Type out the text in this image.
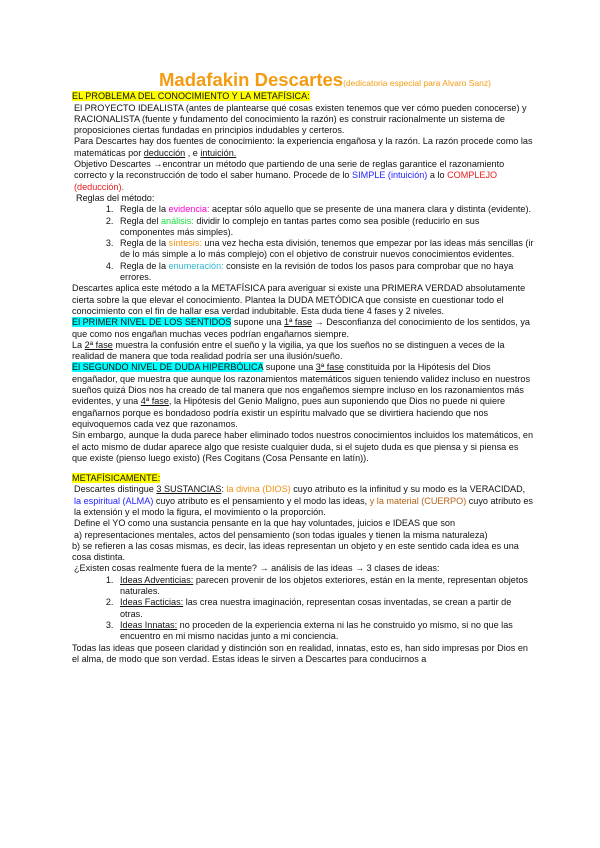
Madafakin Descartes(dedicatoria especial para Alvaro Sanz)
EL PROBLEMA DEL CONOCIMIENTO Y LA METAFÍSICA:

El PROYECTO IDEALISTA (antes de plantearse qué cosas existen tenemos que ver cómo pueden conocerse) y RACIONALISTA (fuente y fundamento del conocimiento la razón) es construir racionalmente un sistema de proposiciones ciertas fundadas en principios indudables y certeros.

Para Descartes hay dos fuentes de conocimiento: la experiencia engañosa y la razón. La razón procede como las matemáticas por deducción , e intuición.

Objetivo Descartes →encontrar un método que partiendo de una serie de reglas garantice el razonamiento correcto y la reconstrucción de todo el saber humano. Procede de lo SIMPLE (intuición) a lo COMPLEJO (deducción).

Reglas del método:

1. Regla de la evidencia: aceptar sólo aquello que se presente de una manera clara y distinta (evidente).
2. Regla del análisis: dividir lo complejo en tantas partes como sea posible (reducirlo en sus componentes más simples).
3. Regla de la síntesis: una vez hecha esta división, tenemos que empezar por las ideas más sencillas (ir de lo más simple a lo más complejo) con el objetivo de construir nuevos conocimientos evidentes.
4. Regla de la enumeración: consiste en la revisión de todos los pasos para comprobar que no haya errores.

Descartes aplica este método a la METAFÍSICA para averiguar si existe una PRIMERA VERDAD absolutamente cierta sobre la que elevar el conocimiento. Plantea la DUDA METÓDICA que consiste en cuestionar todo el conocimiento con el fin de hallar esa verdad indubitable. Esta duda tiene 4 fases y 2 niveles.

El PRIMER NIVEL DE LOS SENTIDOS supone una 1ª fase → Desconfianza del conocimiento de los sentidos, ya que como nos engañan muchas veces podrían engañarnos siempre.

La 2ª fase muestra la confusión entre el sueño y la vigilia, ya que los sueños no se distinguen a veces de la realidad de manera que toda realidad podría ser una ilusión/sueño.

El SEGUNDO NIVEL DE DUDA HIPERBÓLICA supone una 3ª fase constituida por la Hipótesis del Dios engañador, que muestra que aunque los razonamientos matemáticos siguen teniendo validez incluso en nuestros sueños quizá Dios nos ha creado de tal manera que nos engañemos siempre incluso en los razonamientos más evidentes, y una 4ª fase, la Hipótesis del Genio Maligno, pues aun suponiendo que Dios no puede ni quiere engañarnos porque es bondadoso podría existir un espíritu malvado que se divirtiera haciendo que nos equivoquemos cada vez que razonamos.

Sin embargo, aunque la duda parece haber eliminado todos nuestros conocimientos incluidos los matemáticos, en el acto mismo de dudar aparece algo que resiste cualquier duda, si el sujeto duda es que piensa y si piensa es que existe (pienso luego existo) (Res Cogitans (Cosa Pensante en latín)).

METAFÍSICAMENTE:

Descartes distingue 3 SUSTANCIAS: la divina (DIOS) cuyo atributo es la infinitud y su modo es la VERACIDAD, la espiritual (ALMA) cuyo atributo es el pensamiento y el modo las ideas, y la material (CUERPO) cuyo atributo es la extensión y el modo la figura, el movimiento o la proporción.

Define el YO como una sustancia pensante en la que hay voluntades, juicios e IDEAS que son

a) representaciones mentales, actos del pensamiento (son todas iguales y tienen la misma naturaleza)

b) se refieren a las cosas mismas, es decir, las ideas representan un objeto y en este sentido cada idea es una cosa distinta.

¿Existen cosas realmente fuera de la mente? → análisis de las ideas → 3 clases de ideas:

1. Ideas Adventicias: parecen provenir de los objetos exteriores, están en la mente, representan objetos naturales.
2. Ideas Facticias: las crea nuestra imaginación, representan cosas inventadas, se crean a partir de otras.
3. Ideas Innatas: no proceden de la experiencia externa ni las he construido yo mismo, si no que las encuentro en mi mismo nacidas junto a mi conciencia.

Todas las ideas que poseen claridad y distinción son en realidad, innatas, esto es, han sido impresas por Dios en el alma, de modo que son verdad. Estas ideas le sirven a Descartes para conducirnos a
